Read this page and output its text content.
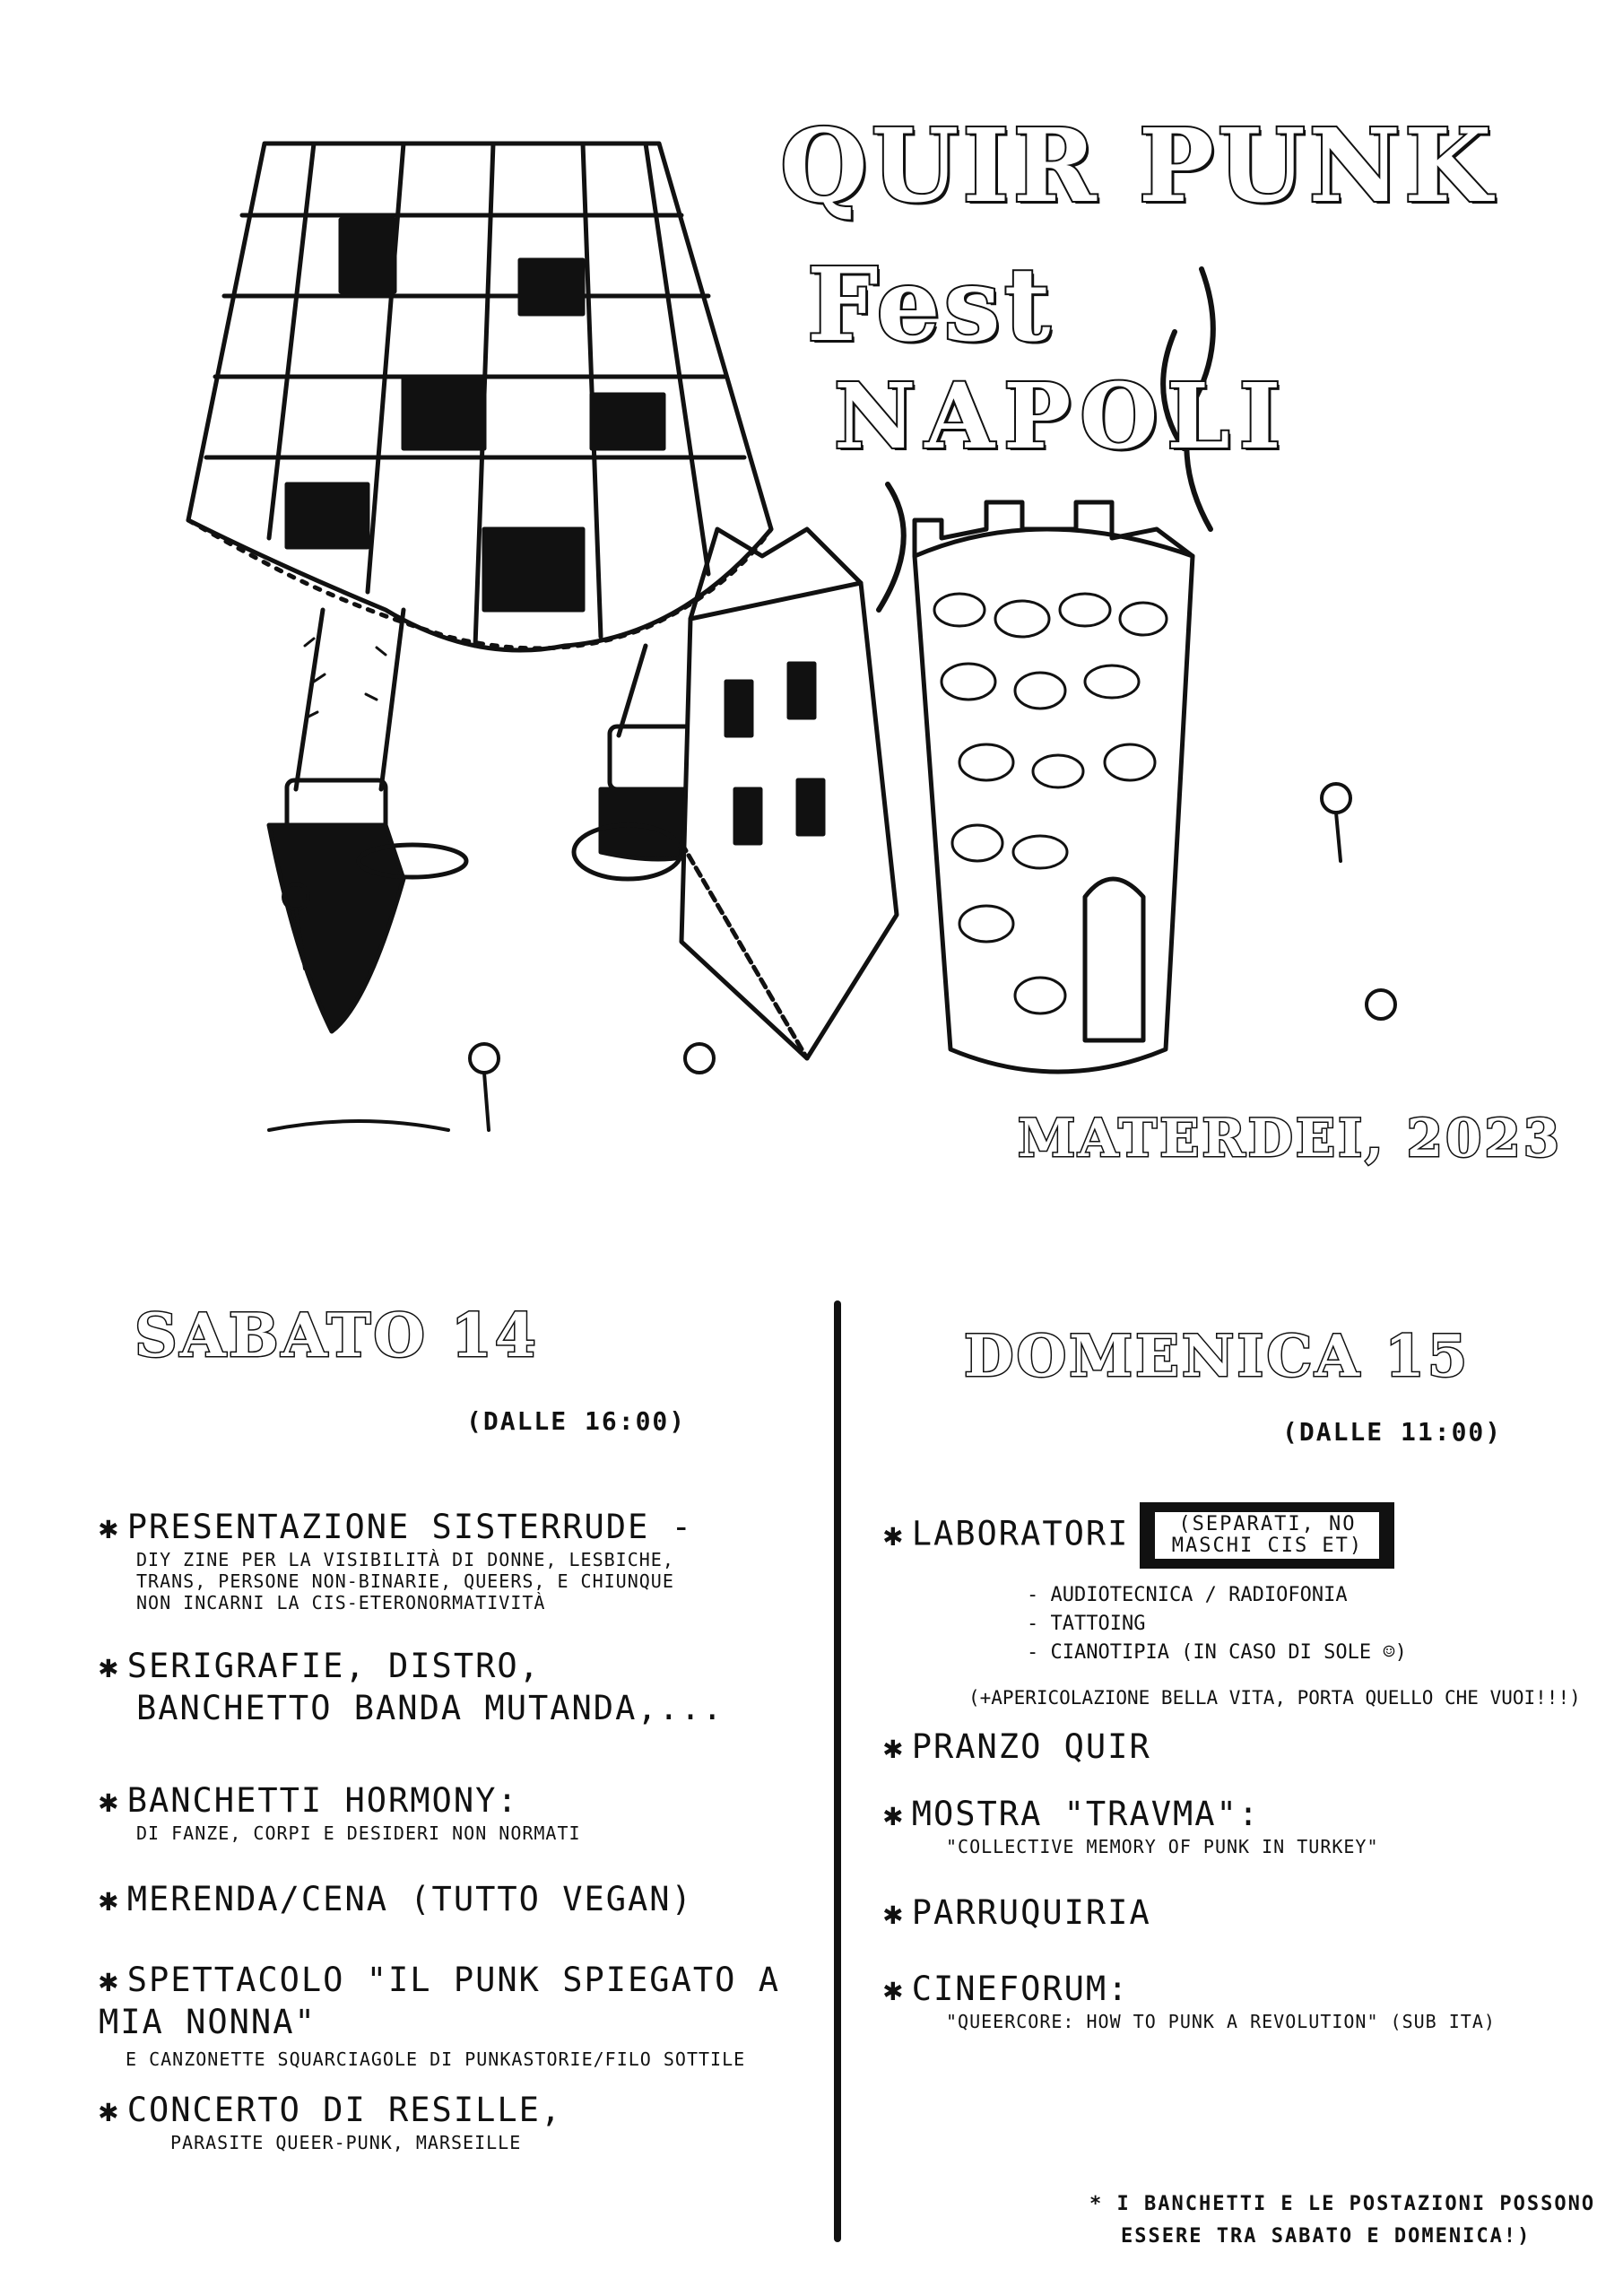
QUIR PUNK
Fest
NAPOLI
MATERDEI, 2023
SABATO 14
(DALLE 16:00)
✱ PRESENTAZIONE SISTERRUDE -
DIY ZINE PER LA VISIBILITÀ DI DONNE, LESBICHE,
TRANS, PERSONE NON-BINARIE, QUEERS, E CHIUNQUE
NON INCARNI LA CIS-ETERONORMATIVITÀ
✱ SERIGRAFIE, DISTRO,
BANCHETTO BANDA MUTANDA,...
✱ BANCHETTI HORMONY:
DI FANZE, CORPI E DESIDERI NON NORMATI
✱ MERENDA/CENA (TUTTO VEGAN)
✱ SPETTACOLO "IL PUNK SPIEGATO A
MIA NONNA"
E CANZONETTE SQUARCIAGOLE DI PUNKASTORIE/FILO SOTTILE
✱ CONCERTO DI RESILLE,
PARASITE QUEER-PUNK, MARSEILLE
DOMENICA 15
(DALLE 11:00)
✱ LABORATORI	(SEPARATI, NO MASCHI CIS ET)
- AUDIOTECNICA / RADIOFONIA
- TATTOING
- CIANOTIPIA (IN CASO DI SOLE ☺)
(+APERICOLAZIONE BELLA VITA, PORTA QUELLO CHE VUOI!!!)
✱ PRANZO QUIR
✱ MOSTRA "TRAVMA":
"COLLECTIVE MEMORY OF PUNK IN TURKEY"
✱ PARRUQUIRIA
✱ CINEFORUM:
"QUEERCORE: HOW TO PUNK A REVOLUTION" (SUB ITA)
* I BANCHETTI E LE POSTAZIONI POSSONO
ESSERE TRA SABATO E DOMENICA!)
